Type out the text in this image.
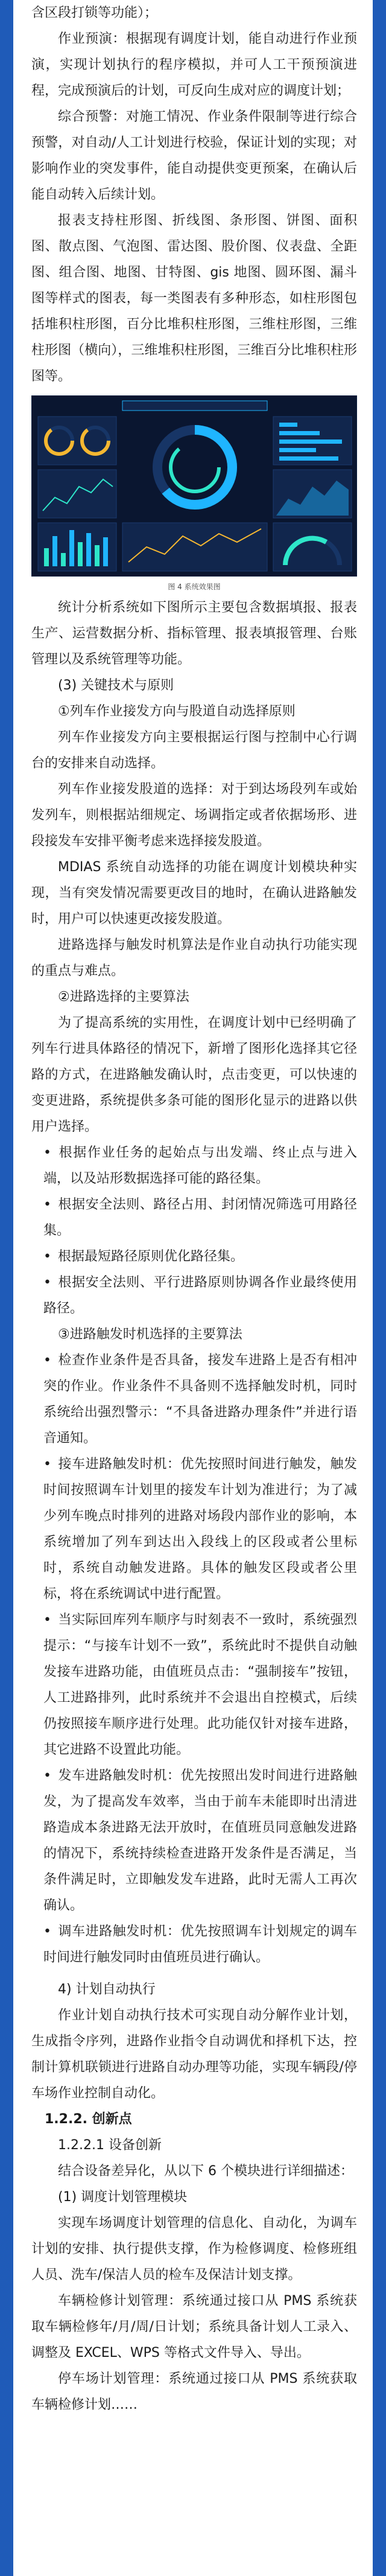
含区段打锁等功能）；
作业预演：根据现有调度计划，能自动进行作业预演，实现计划执行的程序模拟，并可人工干预预演进程，完成预演后的计划，可反向生成对应的调度计划；
综合预警：对施工情况、作业条件限制等进行综合预警，对自动/人工计划进行校验，保证计划的实现；对影响作业的突发事件，能自动提供变更预案，在确认后能自动转入后续计划。
报表支持柱形图、折线图、条形图、饼图、面积图、散点图、气泡图、雷达图、股价图、仪表盘、全距图、组合图、地图、甘特图、gis 地图、圆环图、漏斗图等样式的图表，每一类图表有多种形态，如柱形图包括堆积柱形图，百分比堆积柱形图，三维柱形图，三维柱形图（横向），三维堆积柱形图，三维百分比堆积柱形图等。
图 4 系统效果图
统计分析系统如下图所示主要包含数据填报、报表生产、运营数据分析、指标管理、报表填报管理、台账管理以及系统管理等功能。
(3) 关键技术与原则
①列车作业接发方向与股道自动选择原则
列车作业接发方向主要根据运行图与控制中心行调台的安排来自动选择。
列车作业接发股道的选择：对于到达场段列车或始发列车，则根据站细规定、场调指定或者依据场形、进段接发车安排平衡考虑来选择接发股道。
MDIAS 系统自动选择的功能在调度计划模块种实现，当有突发情况需要更改目的地时，在确认进路触发时，用户可以快速更改接发股道。
进路选择与触发时机算法是作业自动执行功能实现的重点与难点。
②进路选择的主要算法
为了提高系统的实用性，在调度计划中已经明确了列车行进具体路径的情况下，新增了图形化选择其它径路的方式，在进路触发确认时，点击变更，可以快速的变更进路，系统提供多条可能的图形化显示的进路以供用户选择。
• 根据作业任务的起始点与出发端、终止点与进入端，以及站形数据选择可能的路径集。
• 根据安全法则、路径占用、封闭情况筛选可用路径集。
• 根据最短路径原则优化路径集。
• 根据安全法则、平行进路原则协调各作业最终使用路径。
③进路触发时机选择的主要算法
• 检查作业条件是否具备，接发车进路上是否有相冲突的作业。作业条件不具备则不选择触发时机，同时系统给出强烈警示：“不具备进路办理条件”并进行语音通知。
• 接车进路触发时机：优先按照时间进行触发，触发时间按照调车计划里的接发车计划为准进行；为了减少列车晚点时排列的进路对场段内部作业的影响，本系统增加了列车到达出入段线上的区段或者公里标时，系统自动触发进路。具体的触发区段或者公里标，将在系统调试中进行配置。
• 当实际回库列车顺序与时刻表不一致时，系统强烈提示：“与接车计划不一致”，系统此时不提供自动触发接车进路功能，由值班员点击：“强制接车”按钮，人工进路排列，此时系统并不会退出自控模式，后续仍按照接车顺序进行处理。此功能仅针对接车进路，其它进路不设置此功能。
• 发车进路触发时机：优先按照出发时间进行进路触发，为了提高发车效率，当由于前车未能即时出清进路造成本条进路无法开放时，在值班员同意触发进路的情况下，系统持续检查进路开发条件是否满足，当条件满足时，立即触发发车进路，此时无需人工再次确认。
• 调车进路触发时机：优先按照调车计划规定的调车时间进行触发同时由值班员进行确认。
4) 计划自动执行
作业计划自动执行技术可实现自动分解作业计划，生成指令序列，进路作业指令自动调优和择机下达，控制计算机联锁进行进路自动办理等功能，实现车辆段/停车场作业控制自动化。
1.2.2. 创新点
1.2.2.1 设备创新
结合设备差异化，从以下 6 个模块进行详细描述：
(1) 调度计划管理模块
实现车场调度计划管理的信息化、自动化，为调车计划的安排、执行提供支撑，作为检修调度、检修班组人员、洗车/保洁人员的检车及保洁计划支撑。
车辆检修计划管理：系统通过接口从 PMS 系统获取车辆检修年/月/周/日计划；系统具备计划人工录入、调整及 EXCEL、WPS 等格式文件导入、导出。
停车场计划管理：系统通过接口从 PMS 系统获取车辆检修计划……
